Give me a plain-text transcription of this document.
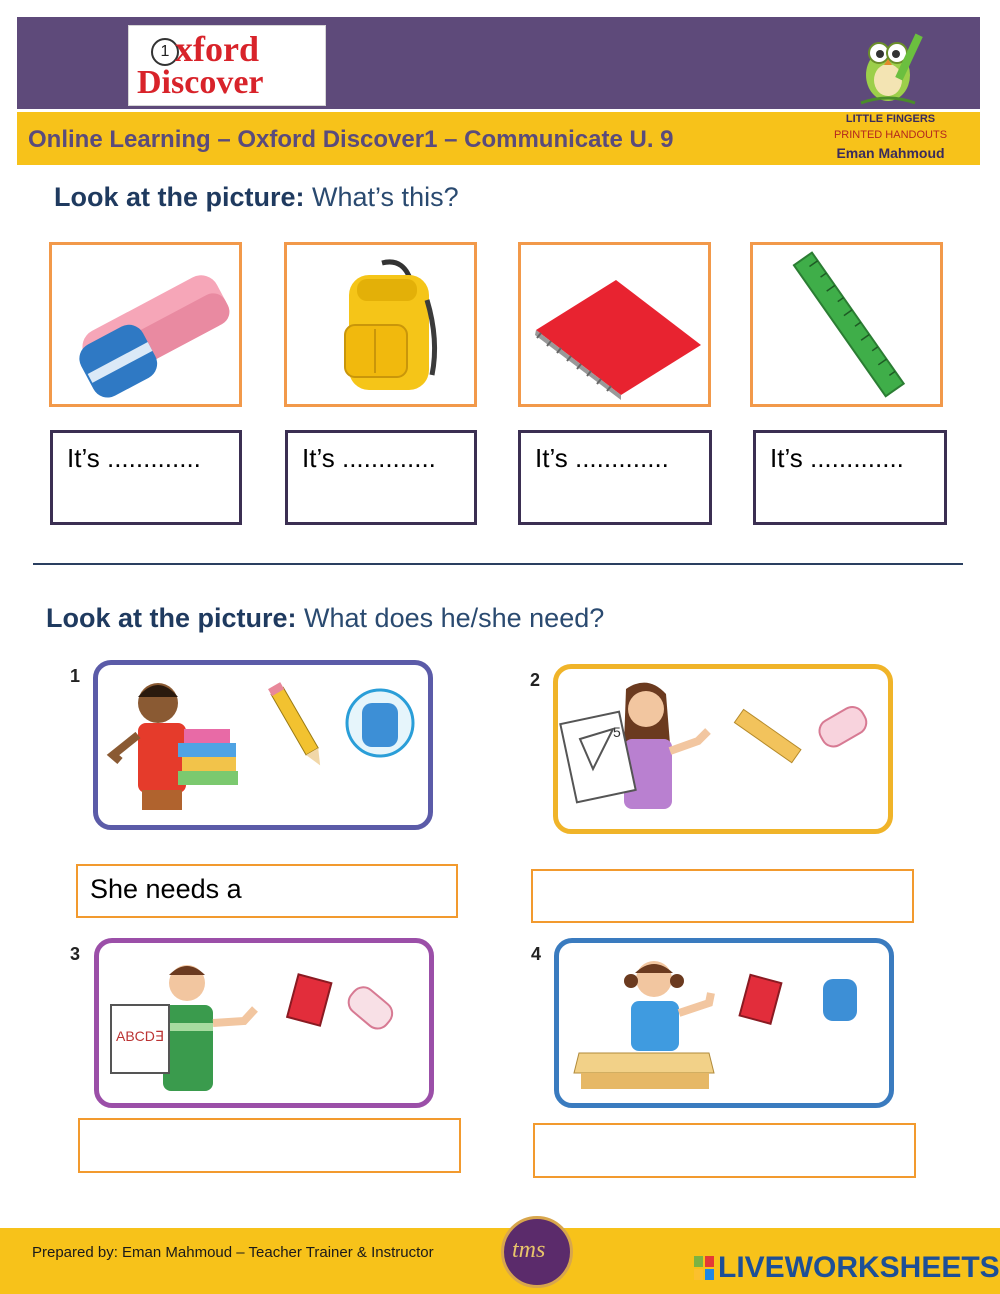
1 xford
Discover
Online Learning – Oxford Discover1 – Communicate U. 9
LITTLE FINGERS
PRINTED HANDOUTS
Eman Mahmoud
Look at the picture: What’s this?
It’s .............	It’s .............	It’s .............	It’s .............
Look at the picture: What does he/she need?
1
She needs a
2
5
3
ABCD∃
4
Prepared by: Eman Mahmoud – Teacher Trainer & Instructor	tms
LIVEWORKSHEETS
